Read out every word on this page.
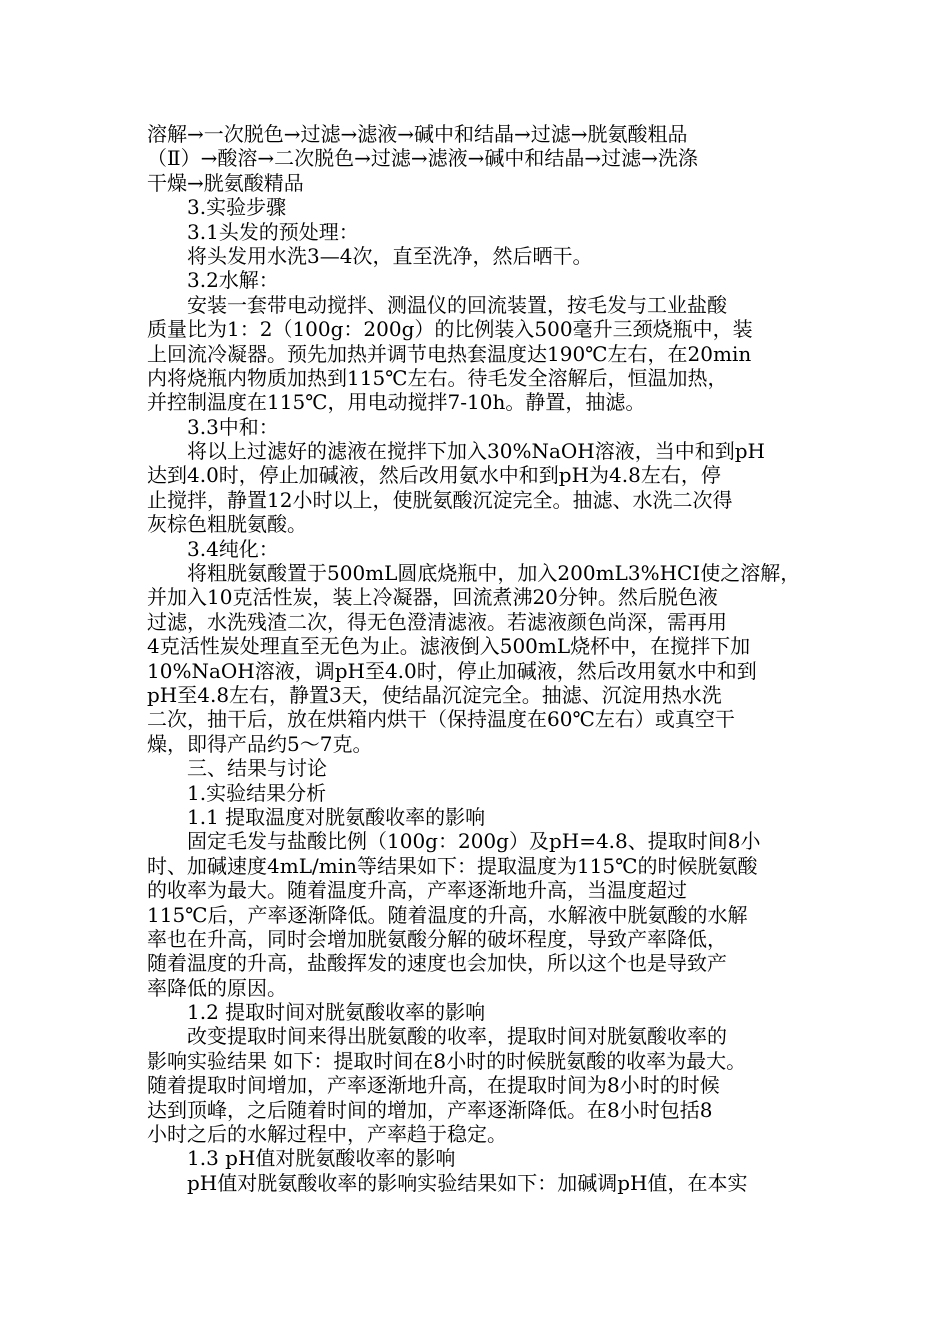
溶解→一次脱色→过滤→滤液→碱中和结晶→过滤→胱氨酸粗品
（Ⅱ）→酸溶→二次脱色→过滤→滤液→碱中和结晶→过滤→洗涤
干燥→胱氨酸精品
3.实验步骤
3.1头发的预处理：
将头发用水洗3—4次，直至洗净，然后晒干。
3.2水解：
安装一套带电动搅拌、测温仪的回流装置，按毛发与工业盐酸
质量比为1：2（100g：200g）的比例装入500毫升三颈烧瓶中，装
上回流冷凝器。预先加热并调节电热套温度达190℃左右，在20min
内将烧瓶内物质加热到115℃左右。待毛发全溶解后，恒温加热，
并控制温度在115℃，用电动搅拌7-10h。静置，抽滤。
3.3中和：
将以上过滤好的滤液在搅拌下加入30%NaOH溶液，当中和到pH
达到4.0时，停止加碱液，然后改用氨水中和到pH为4.8左右，停
止搅拌，静置12小时以上，使胱氨酸沉淀完全。抽滤、水洗二次得
灰棕色粗胱氨酸。
3.4纯化：
将粗胱氨酸置于500mL圆底烧瓶中，加入200mL3%HCI使之溶解，
并加入10克活性炭，装上冷凝器，回流煮沸20分钟。然后脱色液
过滤，水洗残渣二次，得无色澄清滤液。若滤液颜色尚深，需再用
4克活性炭处理直至无色为止。滤液倒入500mL烧杯中，在搅拌下加
10%NaOH溶液，调pH至4.0时，停止加碱液，然后改用氨水中和到
pH至4.8左右，静置3天，使结晶沉淀完全。抽滤、沉淀用热水洗
二次，抽干后，放在烘箱内烘干（保持温度在60℃左右）或真空干
燥，即得产品约5～7克。
三、结果与讨论
1.实验结果分析
1.1 提取温度对胱氨酸收率的影响
固定毛发与盐酸比例（100g：200g）及pH=4.8、提取时间8小
时、加碱速度4mL/min等结果如下：提取温度为115℃的时候胱氨酸
的收率为最大。随着温度升高，产率逐渐地升高，当温度超过
115℃后，产率逐渐降低。随着温度的升高，水解液中胱氨酸的水解
率也在升高，同时会增加胱氨酸分解的破坏程度，导致产率降低，
随着温度的升高，盐酸挥发的速度也会加快，所以这个也是导致产
率降低的原因。
1.2 提取时间对胱氨酸收率的影响
改变提取时间来得出胱氨酸的收率，提取时间对胱氨酸收率的
影响实验结果 如下：提取时间在8小时的时候胱氨酸的收率为最大。
随着提取时间增加，产率逐渐地升高，在提取时间为8小时的时候
达到顶峰，之后随着时间的增加，产率逐渐降低。在8小时包括8
小时之后的水解过程中，产率趋于稳定。
1.3 pH值对胱氨酸收率的影响
pH值对胱氨酸收率的影响实验结果如下：加碱调pH值，在本实
